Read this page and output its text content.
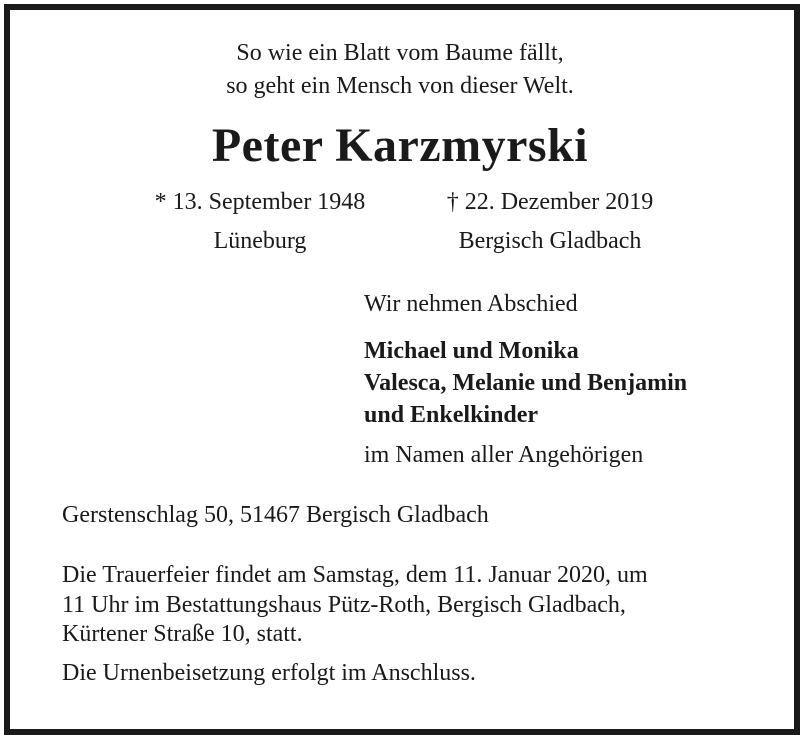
So wie ein Blatt vom Baume fällt,
so geht ein Mensch von dieser Welt.
Peter Karzmyrski
* 13. September 1948	† 22. Dezember 2019
Lüneburg	Bergisch Gladbach
Wir nehmen Abschied
Michael und Monika
Valesca, Melanie und Benjamin
und Enkelkinder
im Namen aller Angehörigen
Gerstenschlag 50, 51467 Bergisch Gladbach
Die Trauerfeier findet am Samstag, dem 11. Januar 2020, um
11 Uhr im Bestattungshaus Pütz-Roth, Bergisch Gladbach,
Kürtener Straße 10, statt.
Die Urnenbeisetzung erfolgt im Anschluss.
